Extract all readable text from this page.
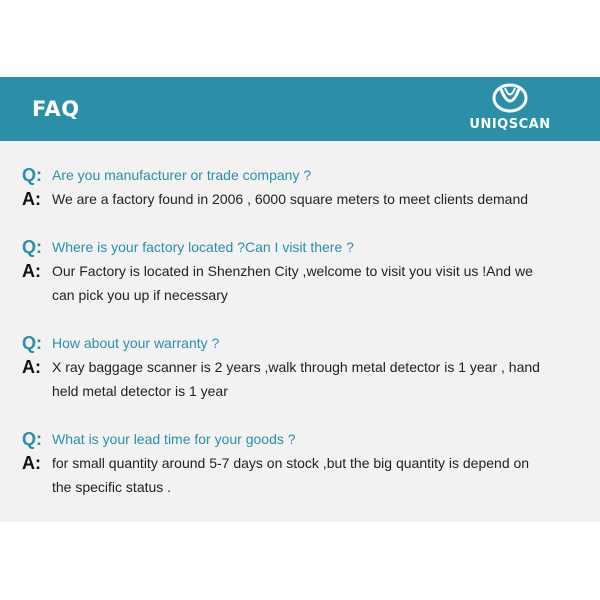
FAQ
UNIQSCAN
Q: Are you manufacturer or trade company ?
A: We are a factory found in 2006 , 6000 square meters to meet clients demand
Q: Where is your factory located ?Can I visit there ?
A: Our Factory is located in Shenzhen City ,welcome to visit you visit us !And we
can pick you up if necessary
Q: How about your warranty ?
A: X ray baggage scanner is 2 years ,walk through metal detector is 1 year , hand
held metal detector is 1 year
Q: What is your lead time for your goods ?
A: for small quantity around 5-7 days on stock ,but the big quantity is depend on
the specific status .
